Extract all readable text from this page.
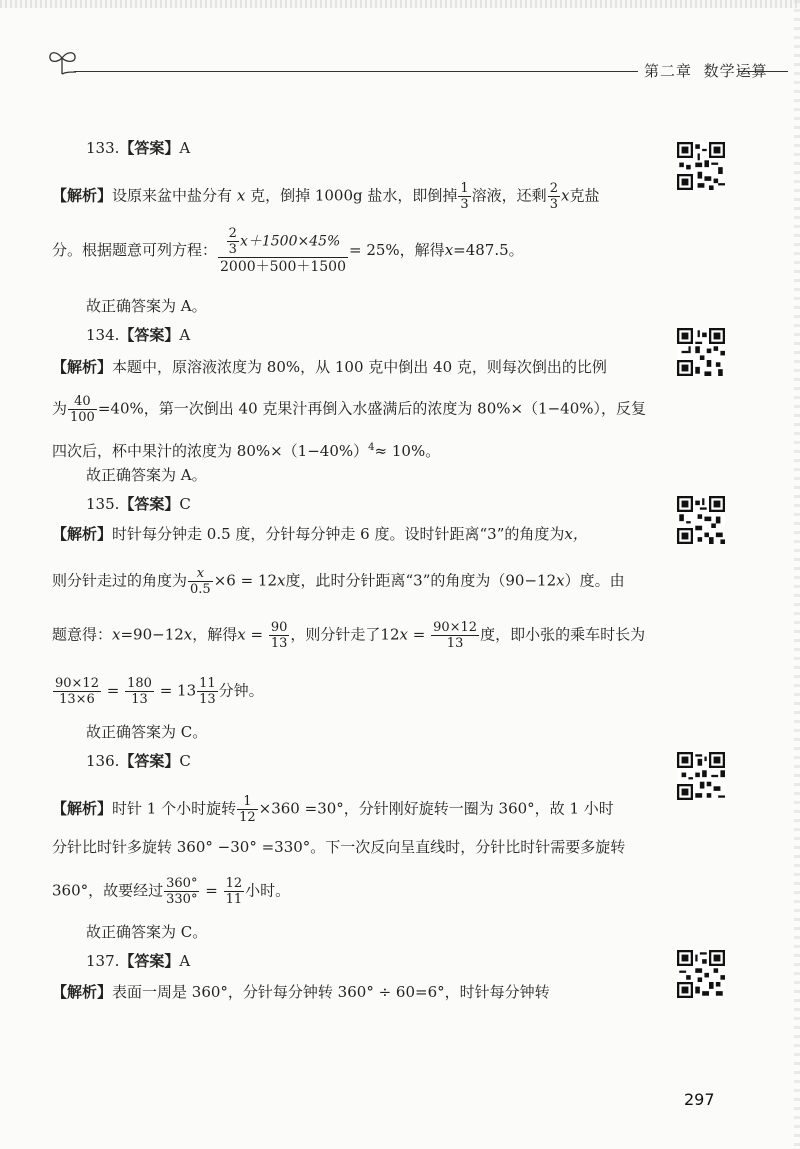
第二章 数学运算
133.【答案】A
【解析】设原来盆中盐分有 x 克，倒掉 1000g 盐水，即倒掉 $\frac{1}{3}$ 溶液，还剩 $\frac{2}{3}$ x克盐
分。根据题意可列方程： $\frac{\frac{2}{3} x+1500\times 45\%}{2000+500+1500} = 25\%$，解得x=487.5。
故正确答案为 A。
134.【答案】A
【解析】本题中，原溶液浓度为 80%，从 100 克中倒出 40 克，则每次倒出的比例
为 $\frac{40}{100} =40\%$，第一次倒出 40 克果汁再倒入水盛满后的浓度为 80%×（1−40%），反复
四次后，杯中果汁的浓度为 $80\%\times(1-40\%)^4\approx 10\%$。
故正确答案为 A。
135.【答案】C
【解析】时针每分钟走 0.5 度，分针每分钟走 6 度。设时针距离“3”的角度为x，
则分针走过的角度为 $\frac{x}{0.5} \times 6 = 12x$度，此时分针距离“3”的角度为（90−12x）度。由
题意得：x=90−12x，解得$x = \frac{90}{13}$ ，则分针走了$12x = \frac{90\times 12}{13}$ 度，即小张的乘车时长为
$\frac{90\times 12}{13\times 6} = \frac{180}{13} = 13 \frac{11}{13}$ 分钟。
故正确答案为 C。
136.【答案】C
【解析】时针 1 个小时旋转 $\frac{1}{12} \times 360 =30^\circ$，分针刚好旋转一圈为 360°，故 1 小时
分针比时针多旋转 360° −30° =330°。下一次反向呈直线时，分针比时针需要多旋转
360°，故要经过 $\frac{360^\circ}{330^\circ} = \frac{12}{11}$ 小时。
故正确答案为 C。
137.【答案】A
【解析】表面一周是 360°，分针每分钟转 360° ÷ 60=6°，时针每分钟转
297
